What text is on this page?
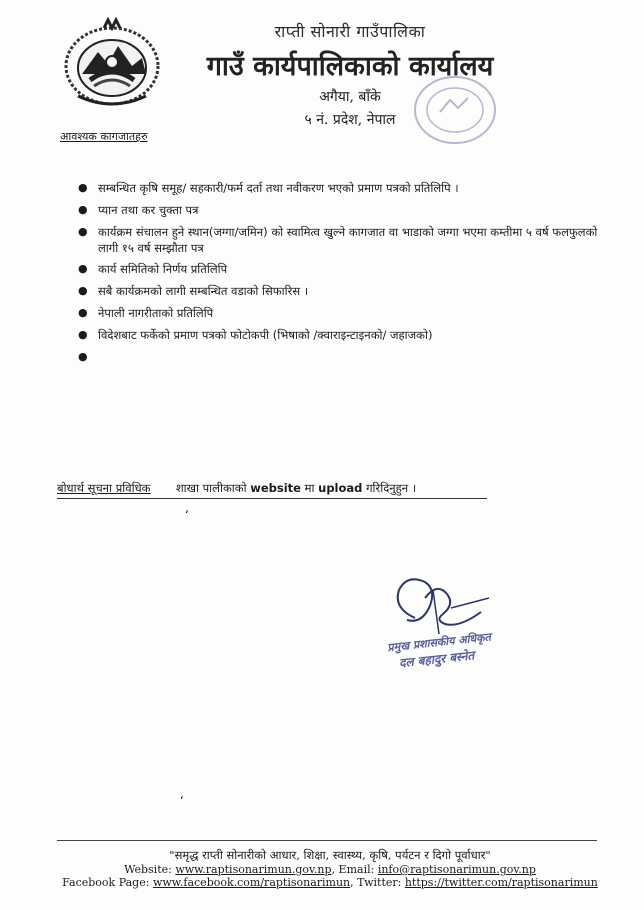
राप्ती सोनारी गाउँपालिका
गाउँ कार्यपालिकाको कार्यालय
अगैया, बाँके
५ नं. प्रदेश, नेपाल
आवश्यक कागजातहरु
● सम्बन्धित कृषि समूह/ सहकारी/फर्म दर्ता तथा नवीकरण भएको प्रमाण पत्रको प्रतिलिपि ।
● प्यान तथा कर चुक्ता पत्र
● कार्यक्रम संचालन हुने स्थान(जग्गा/जमिन) को स्वामित्व खुल्ने कागजात वा भाडाको जग्गा भएमा कम्तीमा ५ वर्ष फलफुलको लागी १५ वर्ष सम्झौता पत्र
● कार्य समितिको निर्णय प्रतिलिपि
● सबै कार्यक्रमको लागी सम्बन्धित वडाको सिफारिस ।
● नेपाली नागरीताको प्रतिलिपि
● विदेशबाट फर्केको प्रमाण पत्रको फोटोकपी (भिषाको /क्वाराइन्टाइनको/ जहाजको)
बोधार्थ सूचना प्रविधिक शाखा पालीकाको website मा upload गरिदिनुहुन ।
‘
‘
प्रमुख प्रशासकीय अधिकृत
दल बहादुर बस्नेत
"समृद्ध राप्ती सोनारीको आधार, शिक्षा, स्वास्थ्य, कृषि, पर्यटन र दिगो पूर्वाधार"
Website: www.raptisonarimun.gov.np, Email: info@raptisonarimun.gov.np
Facebook Page: www.facebook.com/raptisonarimun, Twitter: https://twitter.com/raptisonarimun
